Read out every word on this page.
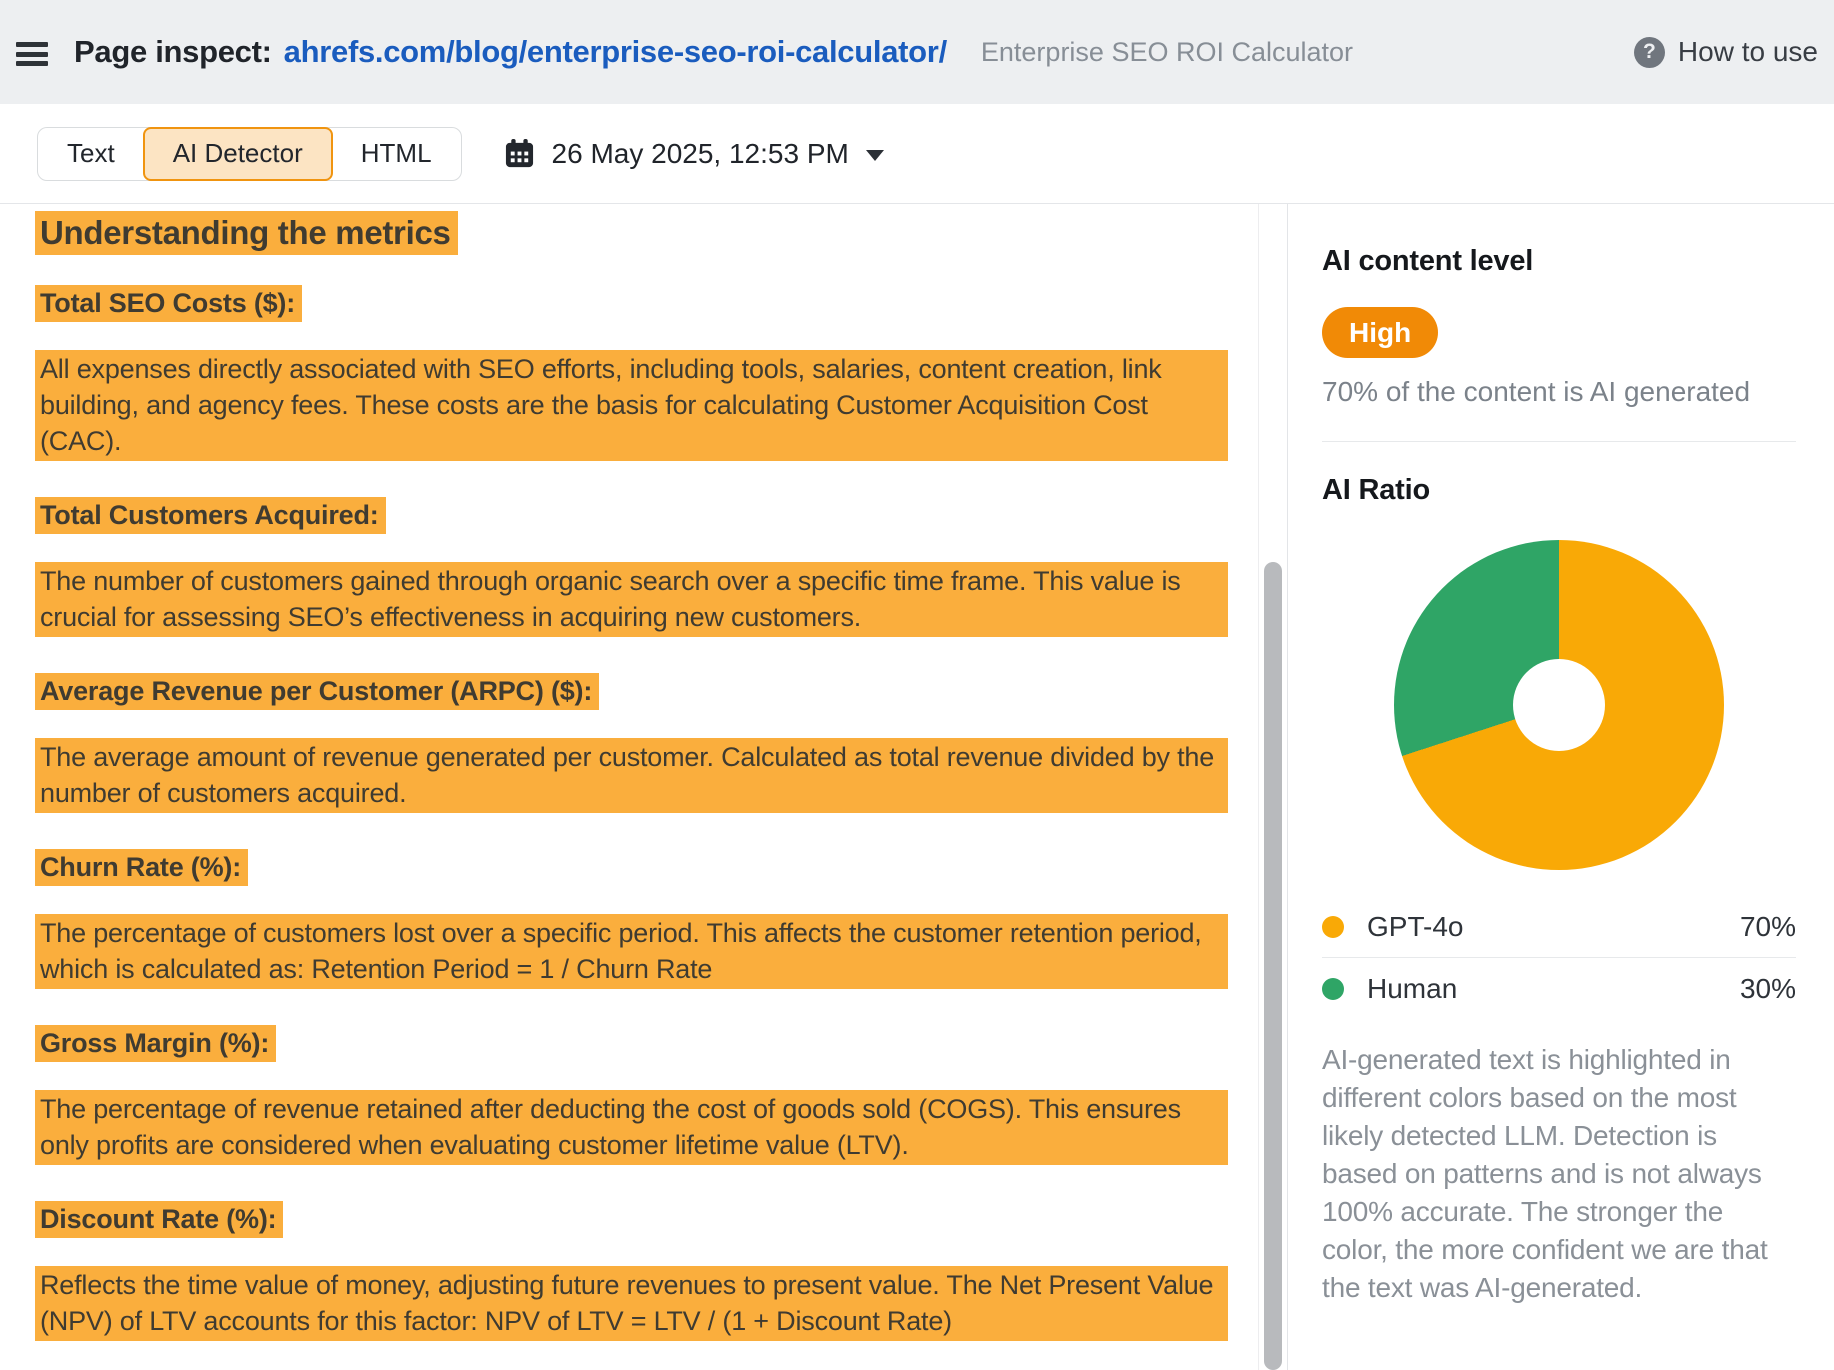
Page inspect: ahrefs.com/blog/enterprise-seo-roi-calculator/ Enterprise SEO ROI Calculator	? How to use
Text	AI Detector	HTML	26 May 2025, 12:53 PM
Understanding the metrics
Total SEO Costs ($):

All expenses directly associated with SEO efforts, including tools, salaries, content creation, link building, and agency fees. These costs are the basis for calculating Customer Acquisition Cost (CAC).

Total Customers Acquired:

The number of customers gained through organic search over a specific time frame. This value is crucial for assessing SEO’s effectiveness in acquiring new customers.

Average Revenue per Customer (ARPC) ($):

The average amount of revenue generated per customer. Calculated as total revenue divided by the number of customers acquired.

Churn Rate (%):

The percentage of customers lost over a specific period. This affects the customer retention period, which is calculated as: Retention Period = 1 / Churn Rate

Gross Margin (%):

The percentage of revenue retained after deducting the cost of goods sold (COGS). This ensures only profits are considered when evaluating customer lifetime value (LTV).

Discount Rate (%):

Reflects the time value of money, adjusting future revenues to present value. The Net Present Value (NPV) of LTV accounts for this factor: NPV of LTV = LTV / (1 + Discount Rate)

AI content level
High
70% of the content is AI generated
AI Ratio
GPT-4o	70%
Human	30%
AI-generated text is highlighted in different colors based on the most likely detected LLM. Detection is based on patterns and is not always 100% accurate. The stronger the color, the more confident we are that the text was AI-generated.
